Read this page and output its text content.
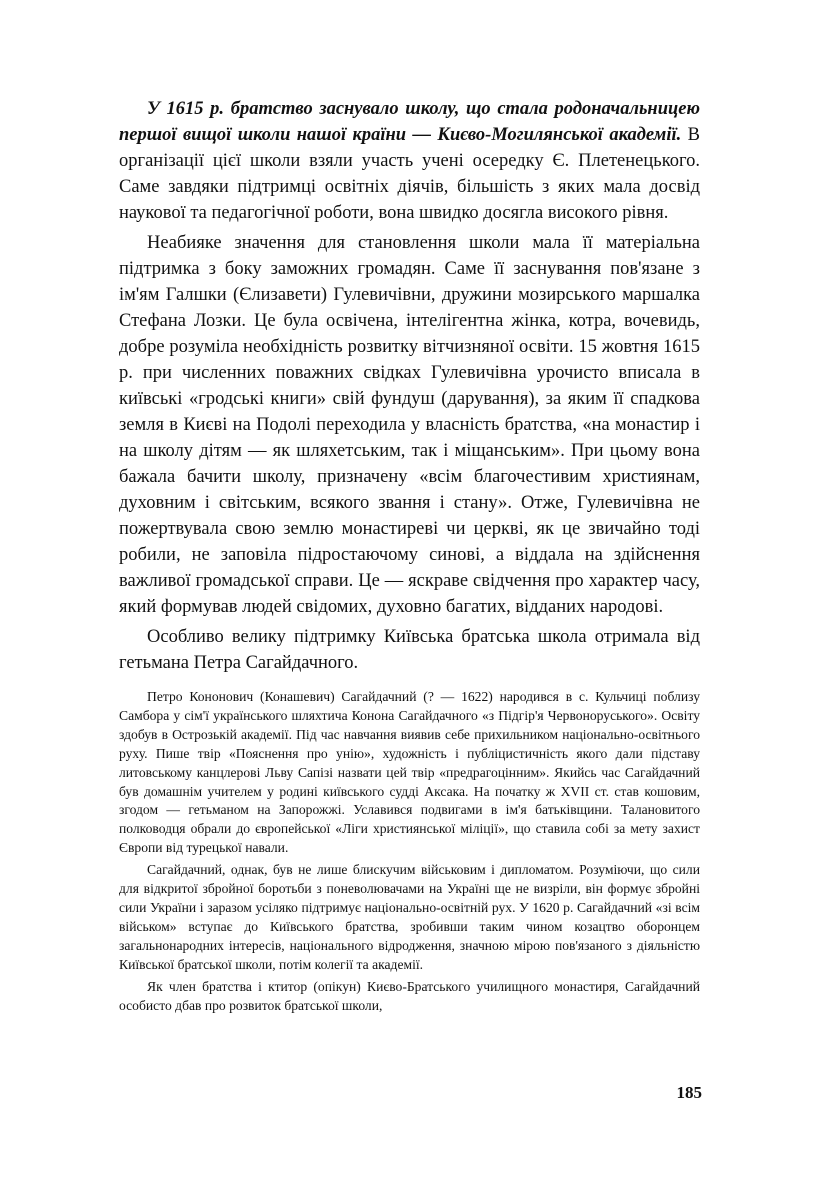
У 1615 р. братство заснувало школу, що стала родоначальницею першої вищої школи нашої країни — Києво-Могилянської академії. В організації цієї школи взяли участь учені осередку Є. Плетенецького. Саме завдяки підтримці освітніх діячів, більшість з яких мала досвід наукової та педагогічної роботи, вона швидко досягла високого рівня.

Неабияке значення для становлення школи мала її матеріальна підтримка з боку заможних громадян. Саме її заснування пов'язане з ім'ям Галшки (Єлизавети) Гулевичівни, дружини мозирського маршалка Стефана Лозки. Це була освічена, інтелігентна жінка, котра, вочевидь, добре розуміла необхідність розвитку вітчизняної освіти. 15 жовтня 1615 р. при численних поважних свідках Гулевичівна урочисто вписала в київські «гродські книги» свій фундуш (дарування), за яким її спадкова земля в Києві на Подолі переходила у власність братства, «на монастир і на школу дітям — як шляхетським, так і міщанським». При цьому вона бажала бачити школу, призначену «всім благочестивим християнам, духовним і світським, всякого звання і стану». Отже, Гулевичівна не пожертвувала свою землю монастиреві чи церкві, як це звичайно тоді робили, не заповіла підростаючому синові, а віддала на здійснення важливої громадської справи. Це — яскраве свідчення про характер часу, який формував людей свідомих, духовно багатих, відданих народові.

Особливо велику підтримку Київська братська школа отримала від гетьмана Петра Сагайдачного.

Петро Кононович (Конашевич) Сагайдачний (? — 1622) народився в с. Кульчиці поблизу Самбора у сім'ї українського шляхтича Конона Сагайдачного «з Підгір'я Червоноруського». Освіту здобув в Острозькій академії. Під час навчання виявив себе прихильником національно-освітнього руху. Пише твір «Пояснення про унію», художність і публіцистичність якого дали підставу литовському канцлерові Льву Сапізі назвати цей твір «предрагоцінним». Якийсь час Сагайдачний був домашнім учителем у родині київського судді Аксака. На початку ж XVII ст. став кошовим, згодом — гетьманом на Запорожжі. Уславився подвигами в ім'я батьківщини. Талановитого полководця обрали до європейської «Ліги християнської міліції», що ставила собі за мету захист Європи від турецької навали.

Сагайдачний, однак, був не лише блискучим військовим і дипломатом. Розуміючи, що сили для відкритої збройної боротьби з поневолювачами на Україні ще не визріли, він формує збройні сили України і заразом усіляко підтримує національно-освітній рух. У 1620 р. Сагайдачний «зі всім військом» вступає до Київського братства, зробивши таким чином козацтво оборонцем загальнонародних інтересів, національного відродження, значною мірою пов'язаного з діяльністю Київської братської школи, потім колегії та академії.

Як член братства і ктитор (опікун) Києво-Братського училищного монастиря, Сагайдачний особисто дбав про розвиток братської школи,

185
